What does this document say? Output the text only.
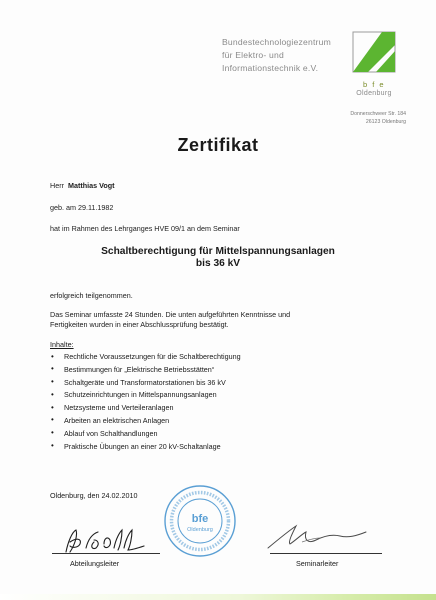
Bundestechnologiezentrum
für Elektro- und
Informationstechnik e.V.
b f e
Oldenburg
Donnerschweer Str. 184
26123 Oldenburg
Zertifikat
Herr Matthias Vogt
geb. am 29.11.1982
hat im Rahmen des Lehrganges HVE 09/1 an dem Seminar
Schaltberechtigung für Mittelspannungsanlagen
bis 36 kV
erfolgreich teilgenommen.
Das Seminar umfasste 24 Stunden. Die unten aufgeführten Kenntnisse und
Fertigkeiten wurden in einer Abschlussprüfung bestätigt.
Inhalte:
• Rechtliche Voraussetzungen für die Schaltberechtigung
• Bestimmungen für „Elektrische Betriebsstätten“
• Schaltgeräte und Transformatorstationen bis 36 kV
• Schutzeinrichtungen in Mittelspannungsanlagen
• Netzsysteme und Verteileranlagen
• Arbeiten an elektrischen Anlagen
• Ablauf von Schalthandlungen
• Praktische Übungen an einer 20 kV-Schaltanlage
Oldenburg, den 24.02.2010
Abteilungsleiter
bfe
Oldenburg
Seminarleiter
